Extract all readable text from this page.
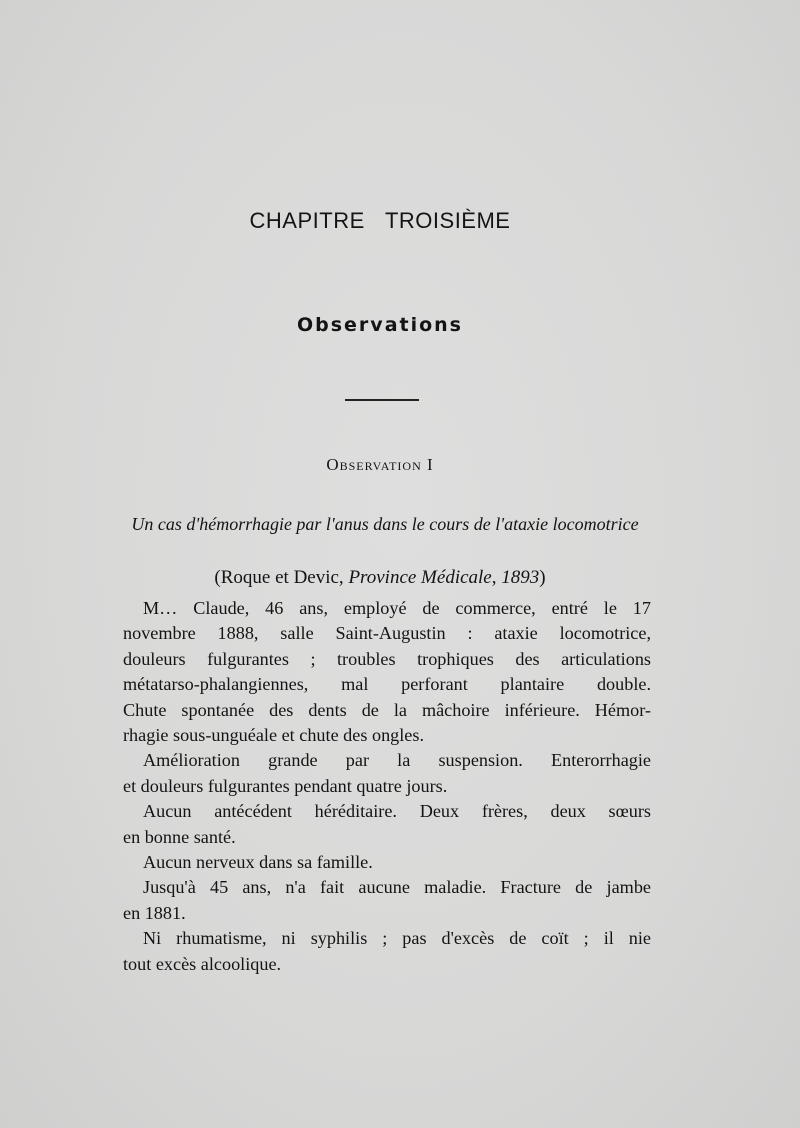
CHAPITRE TROISIÈME
Observations
Observation I
Un cas d'hémorrhagie par l'anus dans le cours de l'ataxie locomotrice
(Roque et Devic, Province Médicale, 1893)

M… Claude, 46 ans, employé de commerce, entré le 17
novembre 1888, salle Saint-Augustin : ataxie locomotrice,
douleurs fulgurantes ; troubles trophiques des articulations
métatarso-phalangiennes, mal perforant plantaire double.
Chute spontanée des dents de la mâchoire inférieure. Hémor-
rhagie sous-unguéale et chute des ongles.

Amélioration grande par la suspension. Enterorrhagie
et douleurs fulgurantes pendant quatre jours.

Aucun antécédent héréditaire. Deux frères, deux sœurs
en bonne santé.

Aucun nerveux dans sa famille.

Jusqu'à 45 ans, n'a fait aucune maladie. Fracture de jambe
en 1881.

Ni rhumatisme, ni syphilis ; pas d'excès de coït ; il nie
tout excès alcoolique.
